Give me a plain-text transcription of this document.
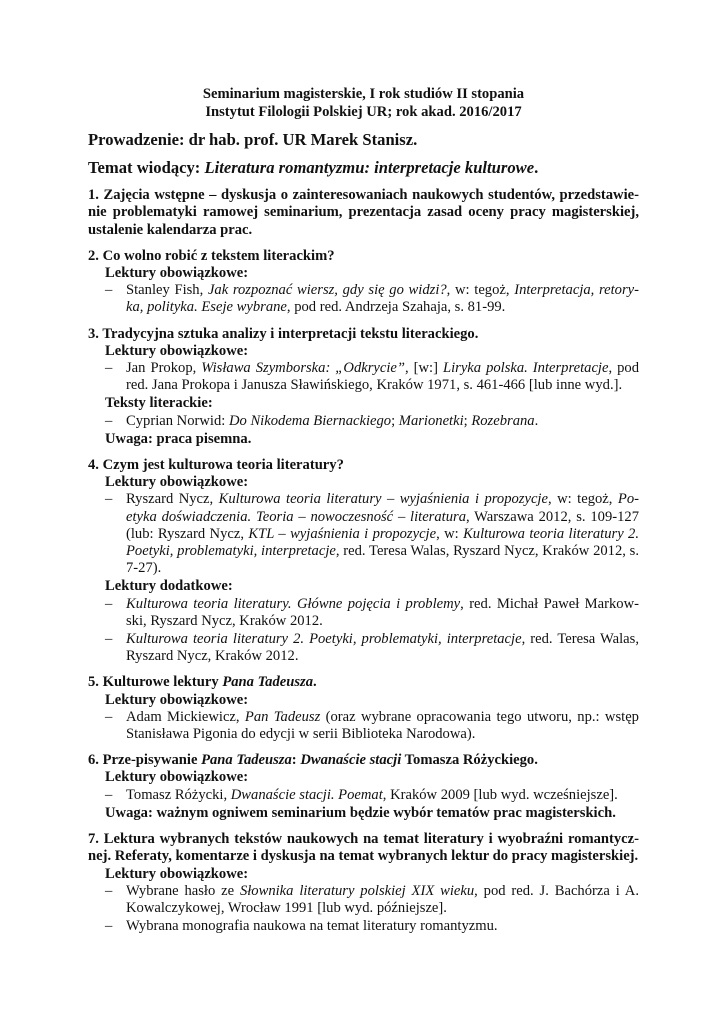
Seminarium magisterskie, I rok studiów II stopania

Instytut Filologii Polskiej UR; rok akad. 2016/2017

Prowadzenie: dr hab. prof. UR Marek Stanisz.

Temat wiodący: Literatura romantyzmu: interpretacje kulturowe.

1. Zajęcia wstępne – dyskusja o zainteresowaniach naukowych studentów, przedstawie-nie problematyki ramowej seminarium, prezentacja zasad oceny pracy magisterskiej, ustalenie kalendarza prac.

2. Co wolno robić z tekstem literackim?

Lektury obowiązkowe:

– Stanley Fish, Jak rozpoznać wiersz, gdy się go widzi?, w: tegoż, Interpretacja, retory-ka, polityka. Eseje wybrane, pod red. Andrzeja Szahaja, s. 81-99.

3. Tradycyjna sztuka analizy i interpretacji tekstu literackiego.

Lektury obowiązkowe:

– Jan Prokop, Wisława Szymborska: „Odkrycie”, [w:] Liryka polska. Interpretacje, pod red. Jana Prokopa i Janusza Sławińskiego, Kraków 1971, s. 461-466 [lub inne wyd.].

Teksty literackie:

– Cyprian Norwid: Do Nikodema Biernackiego; Marionetki; Rozebrana.

Uwaga: praca pisemna.

4. Czym jest kulturowa teoria literatury?

Lektury obowiązkowe:

– Ryszard Nycz, Kulturowa teoria literatury – wyjaśnienia i propozycje, w: tegoż, Po-etyka doświadczenia. Teoria – nowoczesność – literatura, Warszawa 2012, s. 109-127 (lub: Ryszard Nycz, KTL – wyjaśnienia i propozycje, w: Kulturowa teoria literatury 2. Poetyki, problematyki, interpretacje, red. Teresa Walas, Ryszard Nycz, Kraków 2012, s. 7-27).

Lektury dodatkowe:

– Kulturowa teoria literatury. Główne pojęcia i problemy, red. Michał Paweł Markow-ski, Ryszard Nycz, Kraków 2012.
– Kulturowa teoria literatury 2. Poetyki, problematyki, interpretacje, red. Teresa Walas, Ryszard Nycz, Kraków 2012.

5. Kulturowe lektury Pana Tadeusza.

Lektury obowiązkowe:

– Adam Mickiewicz, Pan Tadeusz (oraz wybrane opracowania tego utworu, np.: wstęp Stanisława Pigonia do edycji w serii Biblioteka Narodowa).

6. Prze-pisywanie Pana Tadeusza: Dwanaście stacji Tomasza Różyckiego.

Lektury obowiązkowe:

– Tomasz Różycki, Dwanaście stacji. Poemat, Kraków 2009 [lub wyd. wcześniejsze].

Uwaga: ważnym ogniwem seminarium będzie wybór tematów prac magisterskich.

7. Lektura wybranych tekstów naukowych na temat literatury i wyobraźni romantycz-nej. Referaty, komentarze i dyskusja na temat wybranych lektur do pracy magisterskiej.

Lektury obowiązkowe:

– Wybrane hasło ze Słownika literatury polskiej XIX wieku, pod red. J. Bachórza i A. Kowalczykowej, Wrocław 1991 [lub wyd. późniejsze].
– Wybrana monografia naukowa na temat literatury romantyzmu.
